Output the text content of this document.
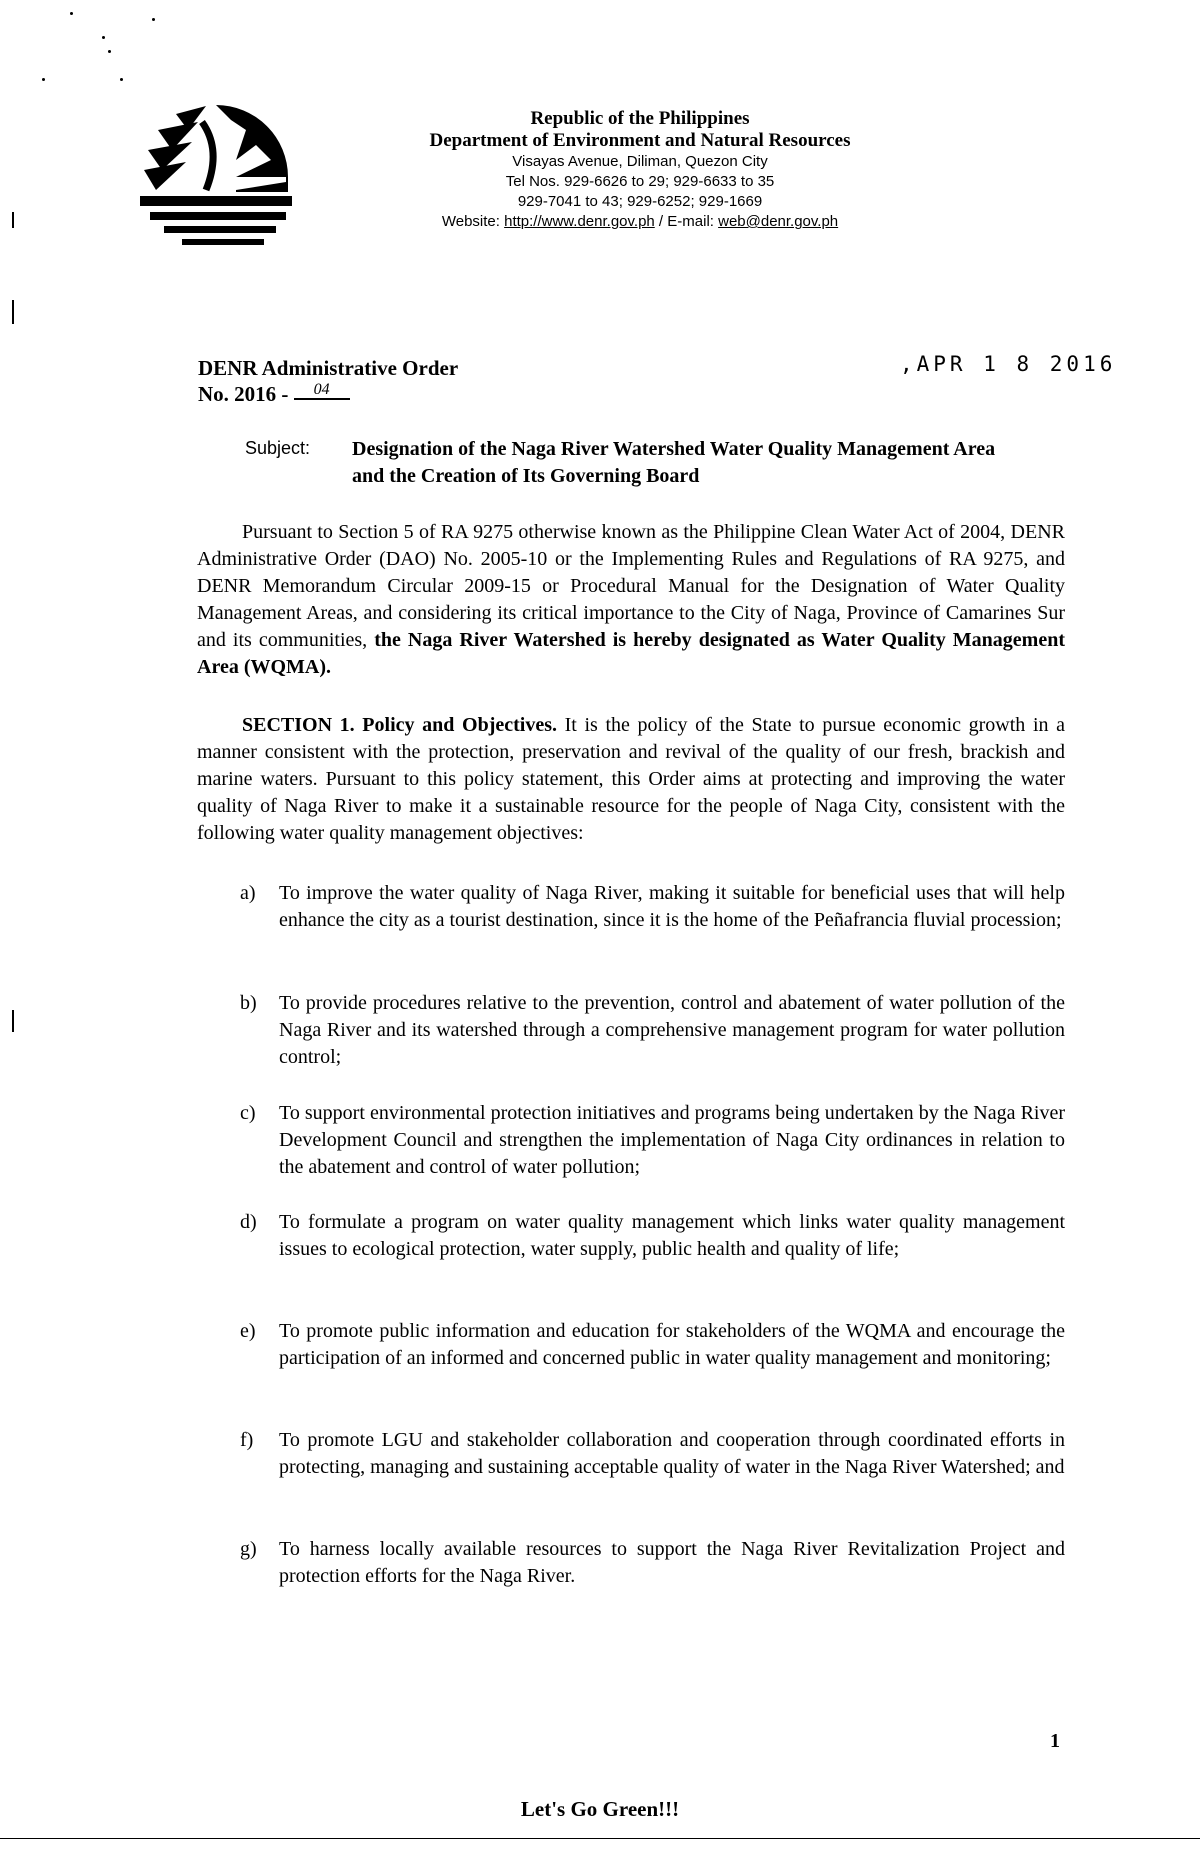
Republic of the Philippines
Department of Environment and Natural Resources
Visayas Avenue, Diliman, Quezon City
Tel Nos. 929-6626 to 29; 929-6633 to 35
929-7041 to 43; 929-6252; 929-1669
Website: http://www.denr.gov.ph / E-mail: web@denr.gov.ph
DENR Administrative Order
No. 2016 - 04
,APR 1 8 2016
Subject: Designation of the Naga River Watershed Water Quality Management Area and the Creation of Its Governing Board
Pursuant to Section 5 of RA 9275 otherwise known as the Philippine Clean Water Act of 2004, DENR Administrative Order (DAO) No. 2005-10 or the Implementing Rules and Regulations of RA 9275, and DENR Memorandum Circular 2009-15 or Procedural Manual for the Designation of Water Quality Management Areas, and considering its critical importance to the City of Naga, Province of Camarines Sur and its communities, the Naga River Watershed is hereby designated as Water Quality Management Area (WQMA).
SECTION 1. Policy and Objectives. It is the policy of the State to pursue economic growth in a manner consistent with the protection, preservation and revival of the quality of our fresh, brackish and marine waters. Pursuant to this policy statement, this Order aims at protecting and improving the water quality of Naga River to make it a sustainable resource for the people of Naga City, consistent with the following water quality management objectives:
a)	To improve the water quality of Naga River, making it suitable for beneficial uses that will help enhance the city as a tourist destination, since it is the home of the Peñafrancia fluvial procession;
b)	To provide procedures relative to the prevention, control and abatement of water pollution of the Naga River and its watershed through a comprehensive management program for water pollution control;
c)	To support environmental protection initiatives and programs being undertaken by the Naga River Development Council and strengthen the implementation of Naga City ordinances in relation to the abatement and control of water pollution;
d)	To formulate a program on water quality management which links water quality management issues to ecological protection, water supply, public health and quality of life;
e)	To promote public information and education for stakeholders of the WQMA and encourage the participation of an informed and concerned public in water quality management and monitoring;
f)	To promote LGU and stakeholder collaboration and cooperation through coordinated efforts in protecting, managing and sustaining acceptable quality of water in the Naga River Watershed; and
g)	To harness locally available resources to support the Naga River Revitalization Project and protection efforts for the Naga River.
1
Let's Go Green!!!
